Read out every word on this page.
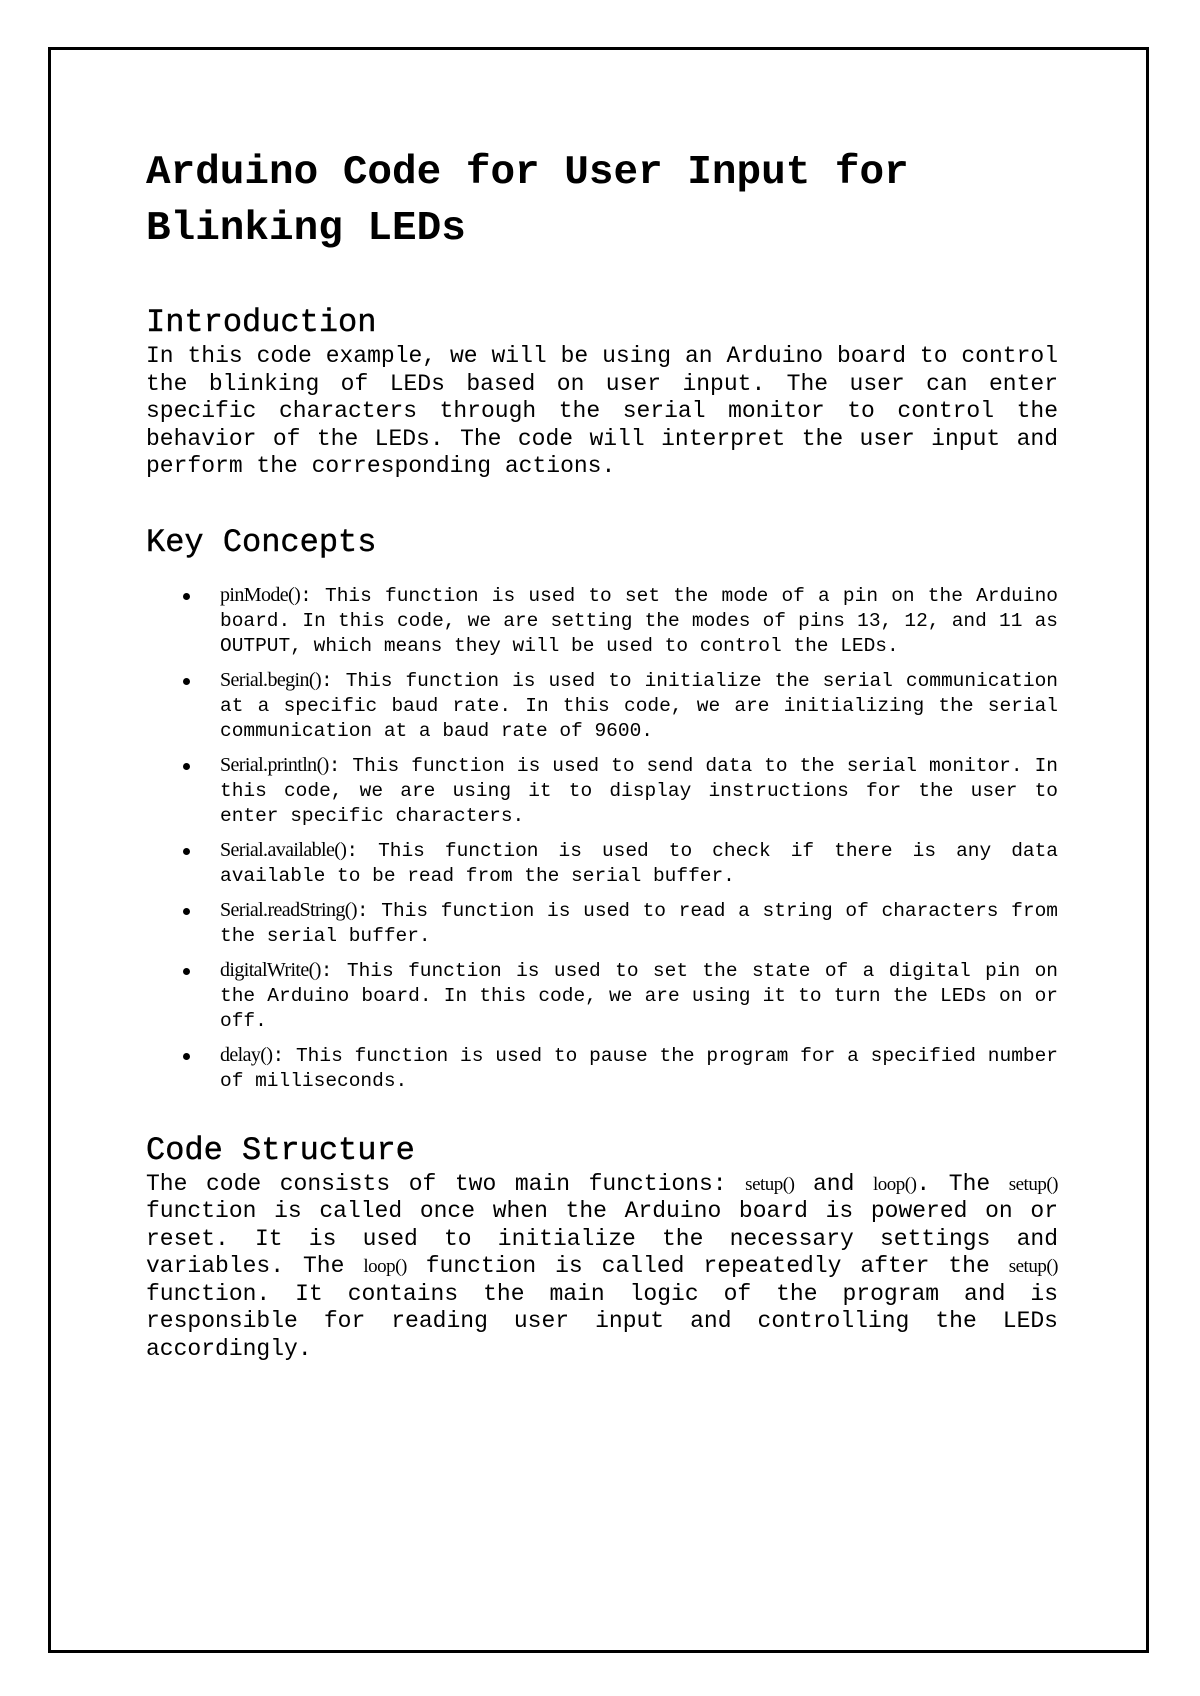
Arduino Code for User Input for Blinking LEDs
Introduction

In this code example, we will be using an Arduino board to control the blinking of LEDs based on user input. The user can enter specific characters through the serial monitor to control the behavior of the LEDs. The code will interpret the user input and perform the corresponding actions.

Key Concepts
pinMode(): This function is used to set the mode of a pin on the Arduino board. In this code, we are setting the modes of pins 13, 12, and 11 as OUTPUT, which means they will be used to control the LEDs.
Serial.begin(): This function is used to initialize the serial communication at a specific baud rate. In this code, we are initializing the serial communication at a baud rate of 9600.
Serial.println(): This function is used to send data to the serial monitor. In this code, we are using it to display instructions for the user to enter specific characters.
Serial.available(): This function is used to check if there is any data available to be read from the serial buffer.
Serial.readString(): This function is used to read a string of characters from the serial buffer.
digitalWrite(): This function is used to set the state of a digital pin on the Arduino board. In this code, we are using it to turn the LEDs on or off.
delay(): This function is used to pause the program for a specified number of milliseconds.
Code Structure

The code consists of two main functions: setup() and loop(). The setup() function is called once when the Arduino board is powered on or reset. It is used to initialize the necessary settings and variables. The loop() function is called repeatedly after the setup() function. It contains the main logic of the program and is responsible for reading user input and controlling the LEDs accordingly.
